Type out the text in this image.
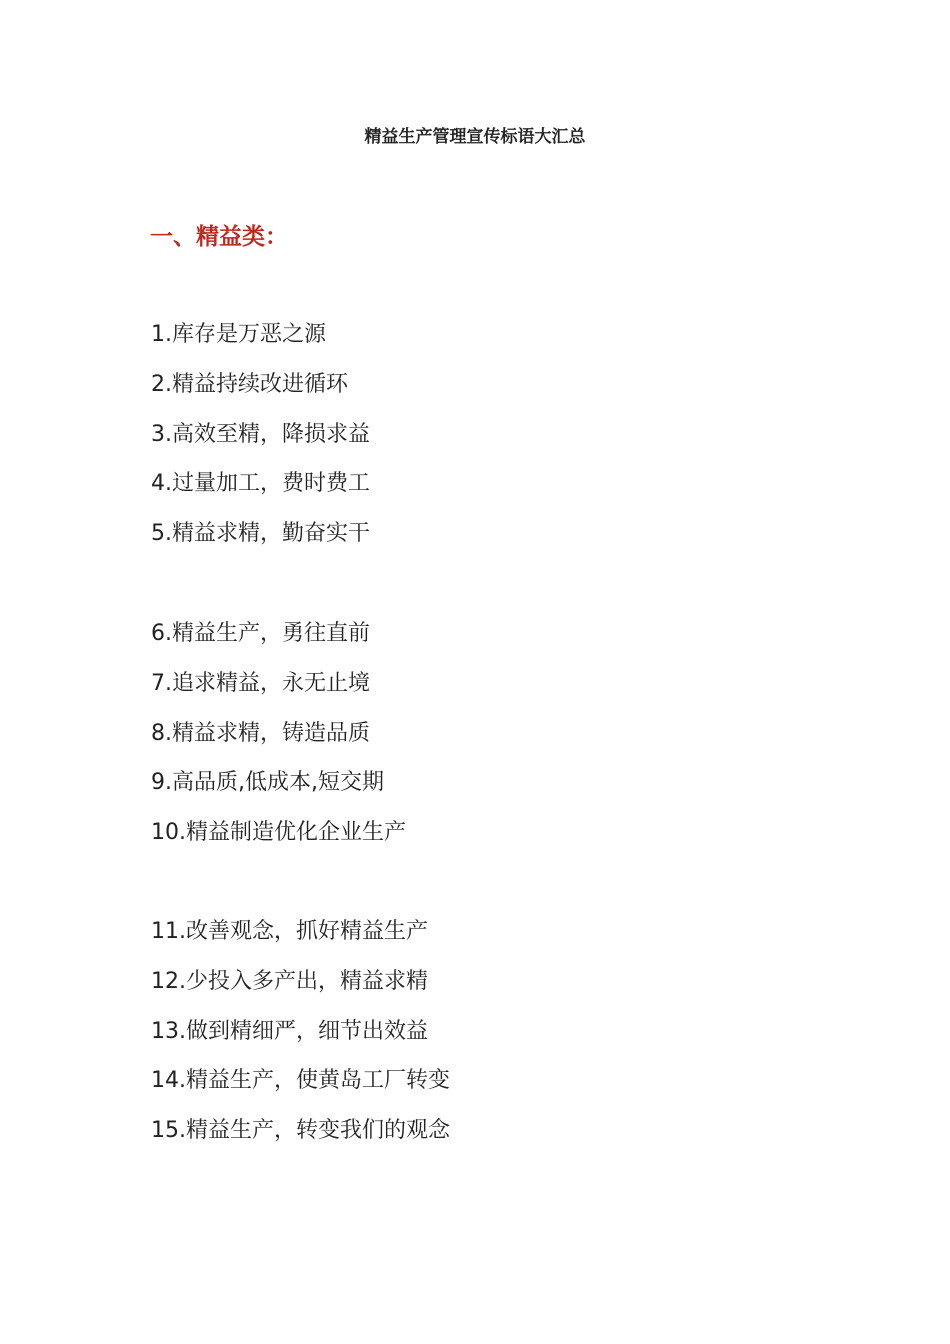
精益生产管理宣传标语大汇总
一、精益类：
1.库存是万恶之源
2.精益持续改进循环
3.高效至精，降损求益
4.过量加工，费时费工
5.精益求精，勤奋实干
6.精益生产，勇往直前
7.追求精益，永无止境
8.精益求精，铸造品质
9.高品质,低成本,短交期
10.精益制造优化企业生产
11.改善观念，抓好精益生产
12.少投入多产出，精益求精
13.做到精细严，细节出效益
14.精益生产，使黄岛工厂转变
15.精益生产，转变我们的观念
